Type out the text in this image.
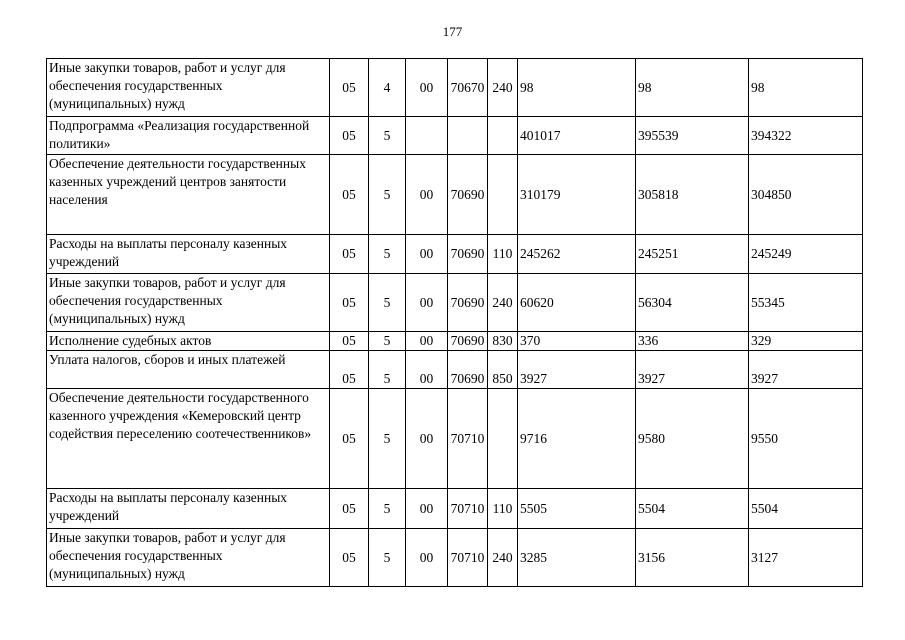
177
Иные закупки товаров, работ и услуг для обеспечения государственных (муниципальных) нужд	05	4	00	70670	240	98	98	98
Подпрограмма «Реализация государственной политики»	05	5				401017	395539	394322
Обеспечение деятельности государственных казенных учреждений центров занятости населения	05	5	00	70690		310179	305818	304850
Расходы на выплаты персоналу казенных учреждений	05	5	00	70690	110	245262	245251	245249
Иные закупки товаров, работ и услуг для обеспечения государственных (муниципальных) нужд	05	5	00	70690	240	60620	56304	55345
Исполнение судебных актов	05	5	00	70690	830	370	336	329
Уплата налогов, сборов и иных платежей	05	5	00	70690	850	3927	3927	3927
Обеспечение деятельности государственного казенного учреждения «Кемеровский центр содействия переселению соотечественников»	05	5	00	70710		9716	9580	9550
Расходы на выплаты персоналу казенных учреждений	05	5	00	70710	110	5505	5504	5504
Иные закупки товаров, работ и услуг для обеспечения государственных (муниципальных) нужд	05	5	00	70710	240	3285	3156	3127
